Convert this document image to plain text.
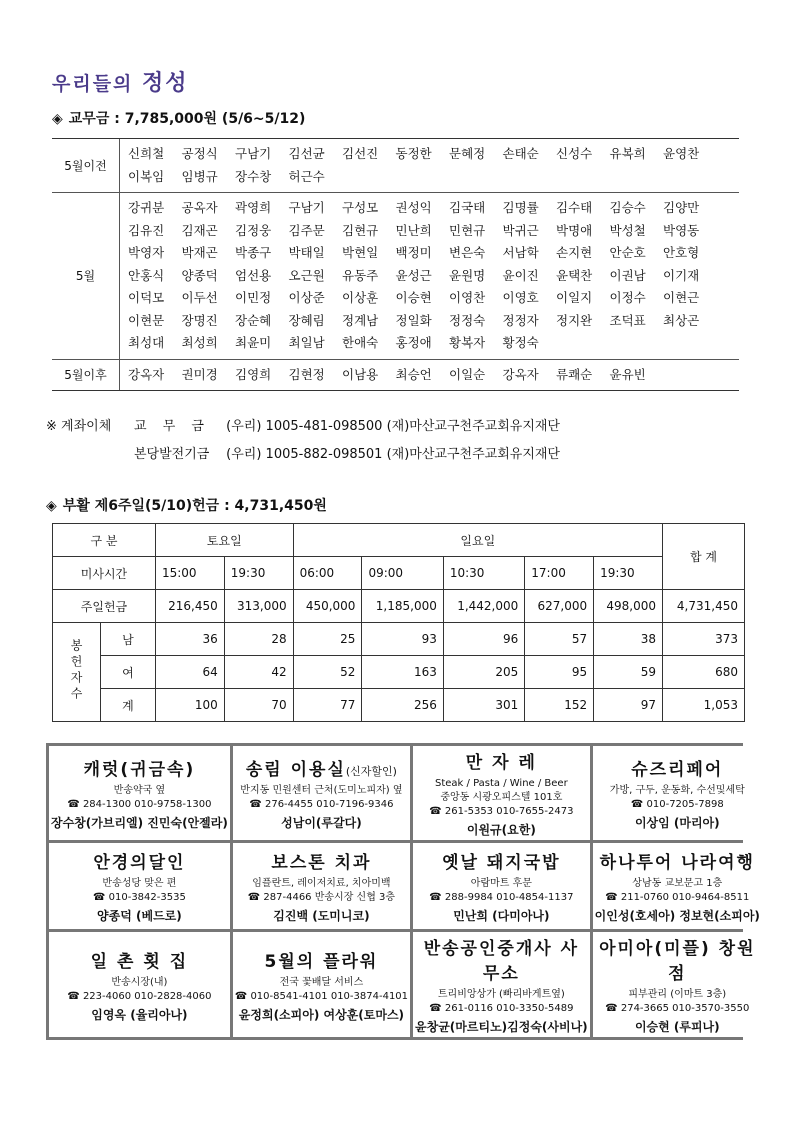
우리들의 정성
◈ 교무금 : 7,785,000원 (5/6~5/12)
5월이전
신희철	공정식	구남기	김선균	김선진	동정한	문혜정	손태순	신성수	유복희	윤영찬
이복임	임병규	장수창	허근수
5월
강귀분	공옥자	곽영희	구남기	구성모	권성익	김국태	김명률	김수태	김승수	김양만
김유진	김재곤	김정웅	김주문	김현규	민난희	민현규	박귀근	박명애	박성철	박영동
박영자	박재곤	박종구	박태일	박현일	백정미	변은숙	서남학	손지현	안순호	안호형
안홍식	양종덕	엄선용	오근원	유동주	윤성근	윤원명	윤이진	윤택찬	이권남	이기재
이덕모	이두선	이민정	이상준	이상훈	이승현	이영찬	이영호	이일지	이정수	이현근
이현문	장명진	장순혜	장혜림	정계남	정일화	정정숙	정정자	정지완	조덕표	최상곤
최성대	최성희	최윤미	최일남	한애숙	홍정애	황복자	황정숙
5월이후	강옥자	권미경	김영희	김현정	이남용	최승언	이일순	강옥자	류쾌순	윤유빈
※ 계좌이체 교 무 금 (우리) 1005-481-098500 (재)마산교구천주교회유지재단
본당발전기금 (우리) 1005-882-098501 (재)마산교구천주교회유지재단
◈ 부활 제6주일(5/10)헌금 : 4,731,450원
구 분		토요일		일요일					합 계
미사시간		15:00	19:30	06:00	09:00	10:30	17:00	19:30	
주일헌금		216,450	313,000	450,000	1,185,000	1,442,000	627,000	498,000	4,731,450
봉헌자수	남	36	28	25	93	96	57	38	373
	여	64	42	52	163	205	95	59	680
	계	100	70	77	256	301	152	97	1,053
캐럿(귀금속)
반송약국 옆
☎ 284-1300 010-9758-1300
장수창(가브리엘) 진민숙(안젤라)
송림 이용실(신자할인)
반지동 민원센터 근처(도미노피자) 옆
☎ 276-4455 010-7196-9346
성남이(루갈다)
만 자 레
Steak / Pasta / Wine / Beer
중앙동 시광오피스텔 101호
☎ 261-5353 010-7655-2473
이원규(요한)
슈즈리페어
가방, 구두, 운동화, 수선및세탁
☎ 010-7205-7898
이상임 (마리아)
안경의달인
반송성당 맞은 편
☎ 010-3842-3535
양종덕 (베드로)
보스톤 치과
임플란트, 레이저치료, 치아미백
☎ 287-4466 반송시장 신협 3층
김진백 (도미니코)
옛날 돼지국밥
아람마트 후문
☎ 288-9984 010-4854-1137
민난희 (다미아나)
하나투어 나라여행
상남동 교보문고 1층
☎ 211-0760 010-9464-8511
이인성(호세아) 정보현(소피아)
일 촌 횟 집
반송시장(내)
☎ 223-4060 010-2828-4060
임영옥 (율리아나)
5월의 플라워
전국 꽃배달 서비스
☎ 010-8541-4101 010-3874-4101
윤정희(소피아) 여상훈(토마스)
반송공인중개사 사무소
트리비앙상가 (빠리바게트옆)
☎ 261-0116 010-3350-5489
윤창균(마르티노)김정숙(사비나)
아미아(미플) 창원점
피부관리 (이마트 3층)
☎ 274-3665 010-3570-3550
이승현 (루피나)
